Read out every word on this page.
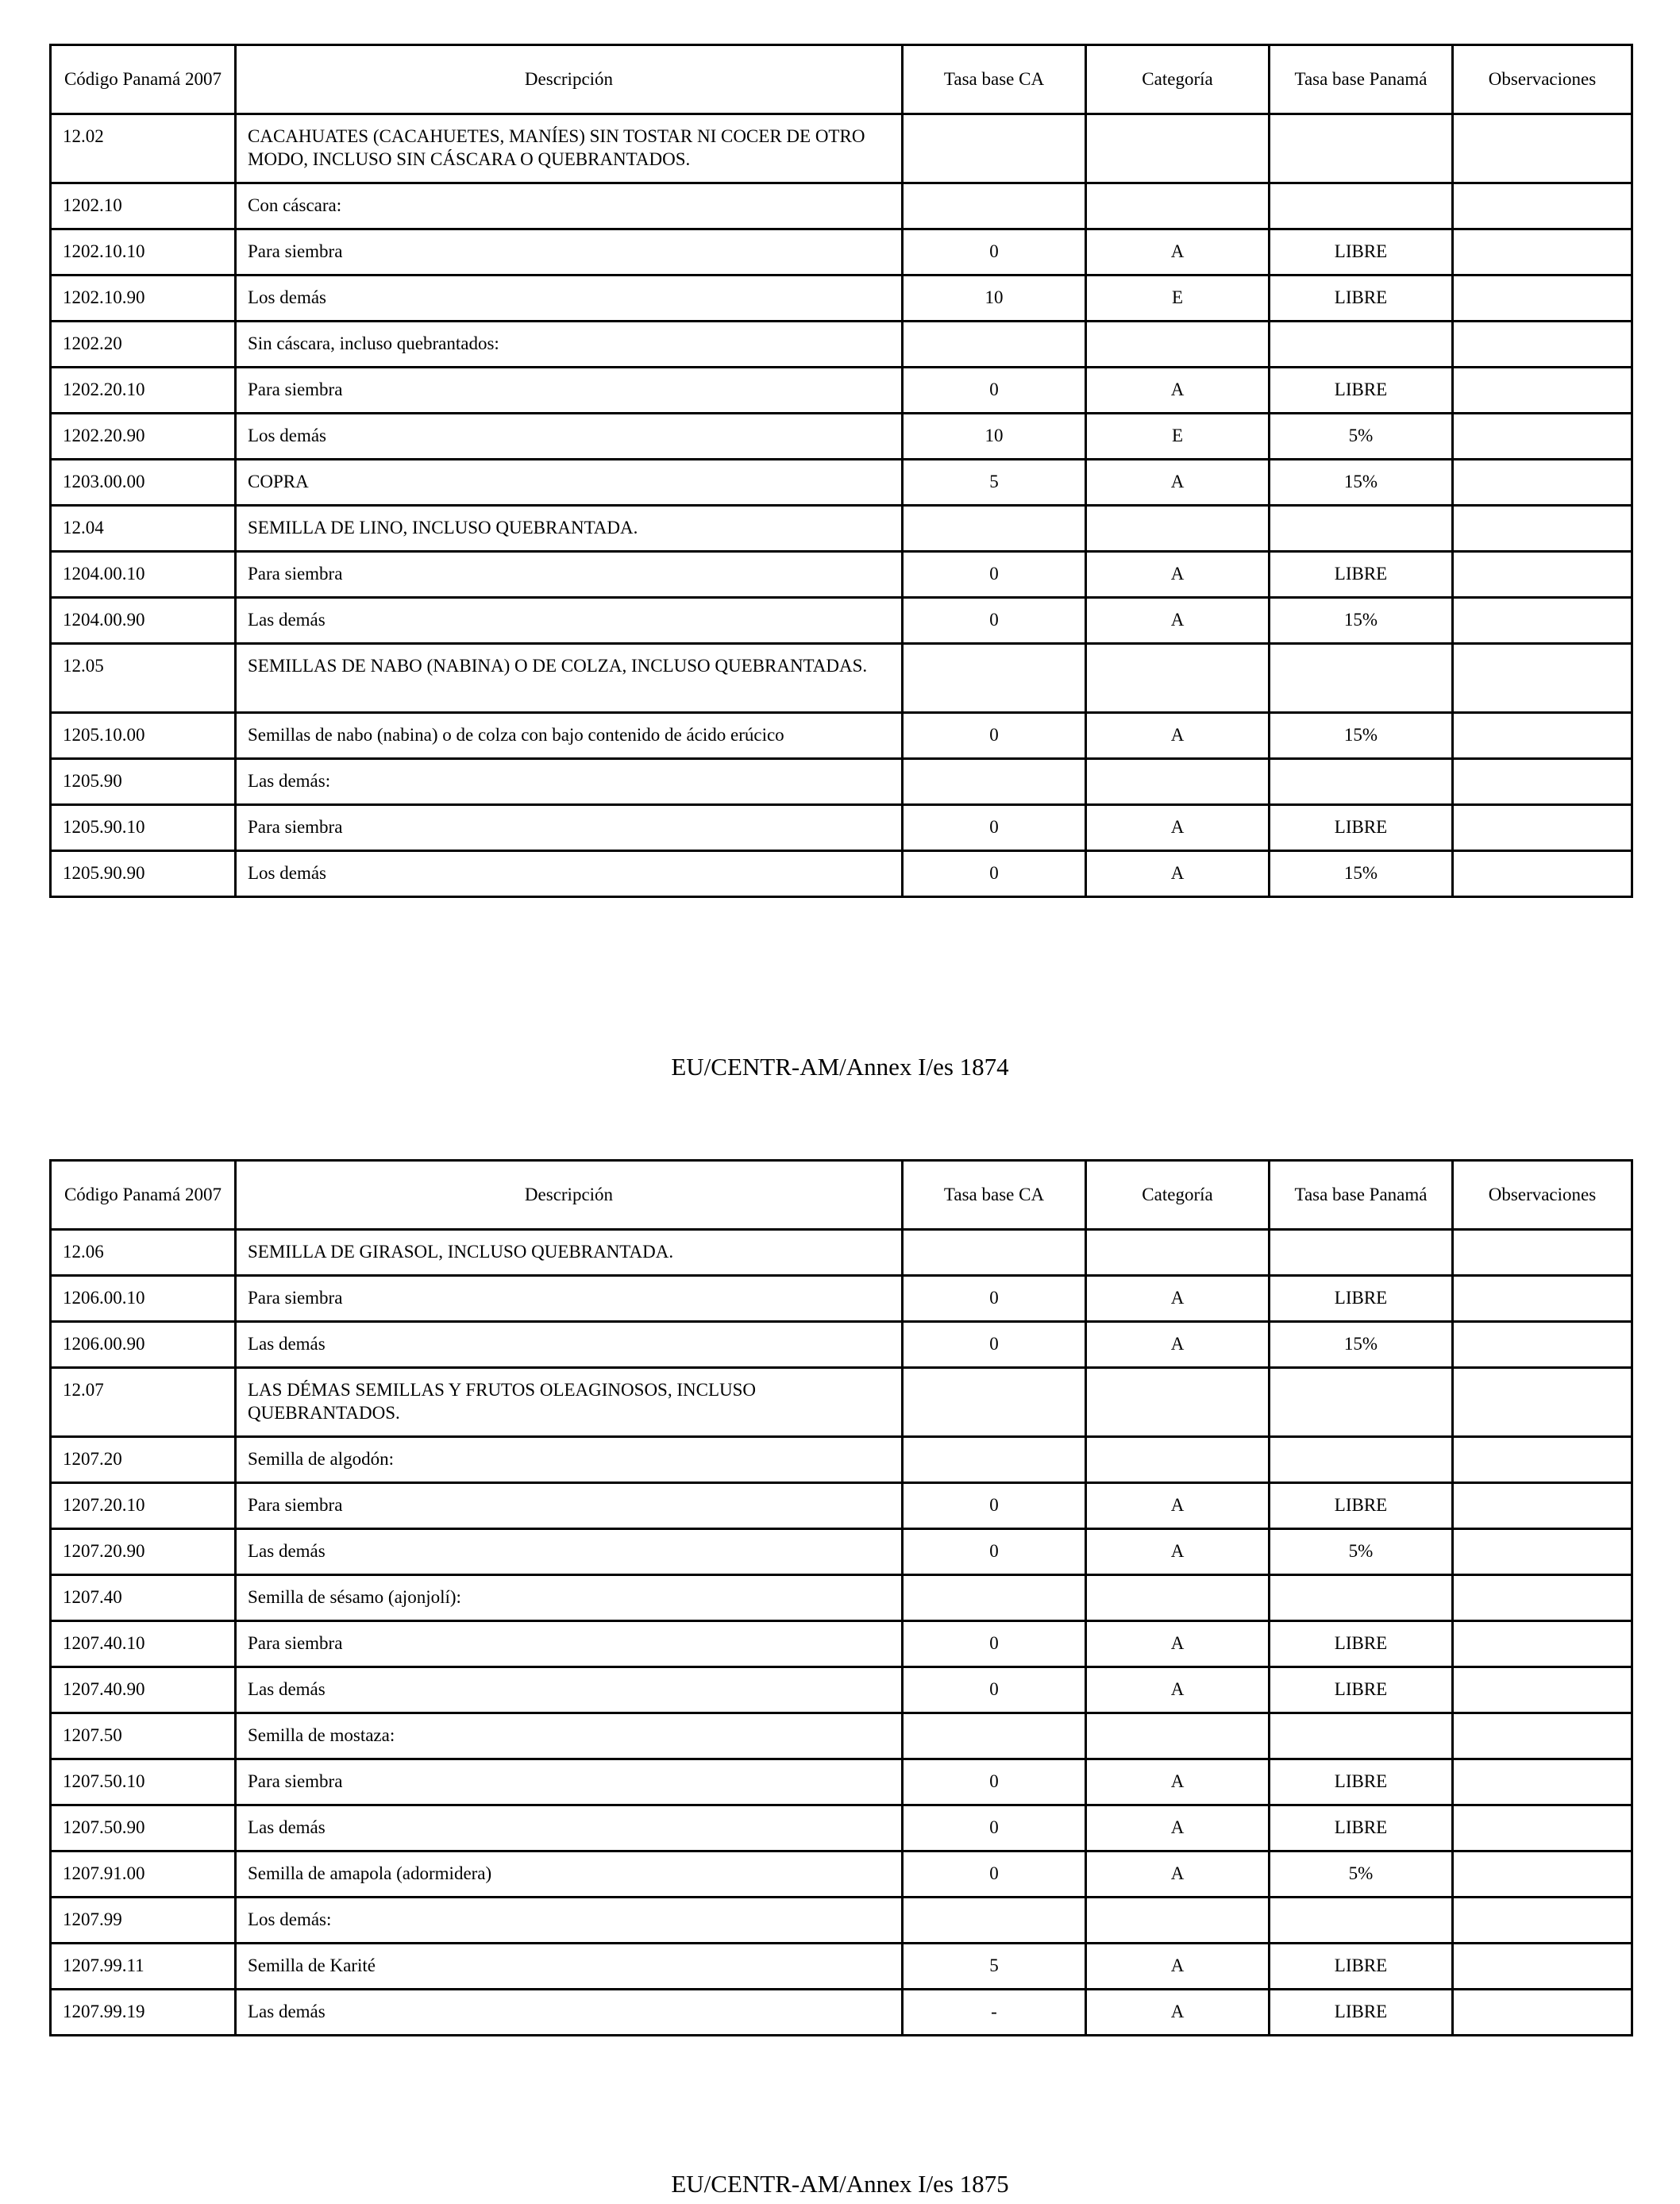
Código Panamá 2007	Descripción	Tasa base CA	Categoría	Tasa base Panamá	Observaciones
12.02	CACAHUATES (CACAHUETES, MANÍES) SIN TOSTAR NI COCER DE OTRO MODO, INCLUSO SIN CÁSCARA O QUEBRANTADOS.				
1202.10	Con cáscara:				
1202.10.10	Para siembra	0	A	LIBRE	
1202.10.90	Los demás	10	E	LIBRE	
1202.20	Sin cáscara, incluso quebrantados:				
1202.20.10	Para siembra	0	A	LIBRE	
1202.20.90	Los demás	10	E	5%	
1203.00.00	COPRA	5	A	15%	
12.04	SEMILLA DE LINO, INCLUSO QUEBRANTADA.				
1204.00.10	Para siembra	0	A	LIBRE	
1204.00.90	Las demás	0	A	15%	
12.05	SEMILLAS DE NABO (NABINA) O DE COLZA, INCLUSO QUEBRANTADAS.				
1205.10.00	Semillas de nabo (nabina) o de colza con bajo contenido de ácido erúcico	0	A	15%	
1205.90	Las demás:				
1205.90.10	Para siembra	0	A	LIBRE	
1205.90.90	Los demás	0	A	15%	
EU/CENTR-AM/Annex I/es 1874
Código Panamá 2007	Descripción	Tasa base CA	Categoría	Tasa base Panamá	Observaciones
12.06	SEMILLA DE GIRASOL, INCLUSO QUEBRANTADA.				
1206.00.10	Para siembra	0	A	LIBRE	
1206.00.90	Las demás	0	A	15%	
12.07	LAS DÉMAS SEMILLAS Y FRUTOS OLEAGINOSOS, INCLUSO QUEBRANTADOS.				
1207.20	Semilla de algodón:				
1207.20.10	Para siembra	0	A	LIBRE	
1207.20.90	Las demás	0	A	5%	
1207.40	Semilla de sésamo (ajonjolí):				
1207.40.10	Para siembra	0	A	LIBRE	
1207.40.90	Las demás	0	A	LIBRE	
1207.50	Semilla de mostaza:				
1207.50.10	Para siembra	0	A	LIBRE	
1207.50.90	Las demás	0	A	LIBRE	
1207.91.00	Semilla de amapola (adormidera)	0	A	5%	
1207.99	Los demás:				
1207.99.11	Semilla de Karité	5	A	LIBRE	
1207.99.19	Las demás	-	A	LIBRE	
EU/CENTR-AM/Annex I/es 1875
